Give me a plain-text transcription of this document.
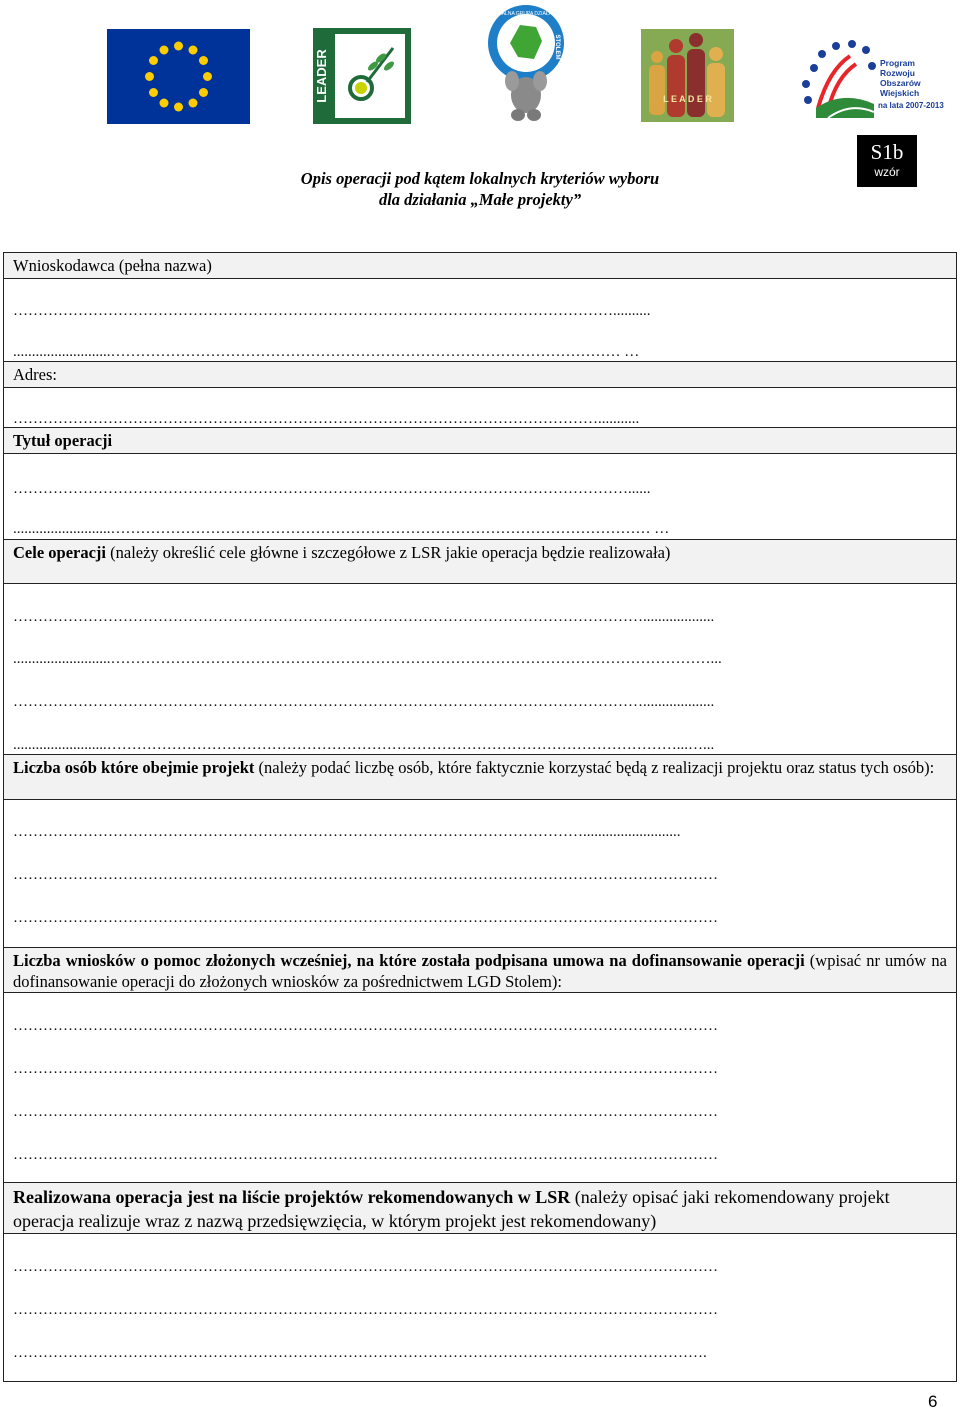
LEADER
LOKALNA GRUPA DZIAŁANIA
STOLEM
L E A D E R
Program
Rozwoju
Obszarów
Wiejskich
na lata 2007-2013
S1b
wzór
Opis operacji pod kątem lokalnych kryteriów wyboru
dla działania „Małe projekty”
Wnioskodawca (pełna nazwa)
…………………………………………………………………………………………………………..........
..........................………………………………………………………………………………………… …
Adres:
………………………………………………………………………………………………………...........
Tytuł operacji
……………………………………………………………………………………………………………......
..........................……………………………………………………………………………………………… …
Cele operacji (należy określić cele główne i szczegółowe z LSR jakie operacja będzie realizowała)
………………………………………………………………………………………………………………...................
..........................…………………………………………………………………………………………………………...
………………………………………………………………………………………………………………...................
.........................……………………………………………………………………………………………………...…...
Liczba osób które obejmie projekt (należy podać liczbę osób, które faktycznie korzystać będą z realizacji projektu oraz status tych osób):
……………………………………………………………………………………………………..........................
……………………………………………………………………………………………………………………………
……………………………………………………………………………………………………………………………
Liczba wniosków o pomoc złożonych wcześniej, na które została podpisana umowa na dofinansowanie operacji (wpisać nr umów na dofinansowanie operacji do złożonych wniosków za pośrednictwem LGD Stolem):
……………………………………………………………………………………………………………………………
……………………………………………………………………………………………………………………………
……………………………………………………………………………………………………………………………
……………………………………………………………………………………………………………………………
Realizowana operacja jest na liście projektów rekomendowanych w LSR (należy opisać jaki rekomendowany projekt operacja realizuje wraz z nazwą przedsięwzięcia, w którym projekt jest rekomendowany)
……………………………………………………………………………………………………………………………
……………………………………………………………………………………………………………………………
………………………………………………………………………………………………………………………….
6
